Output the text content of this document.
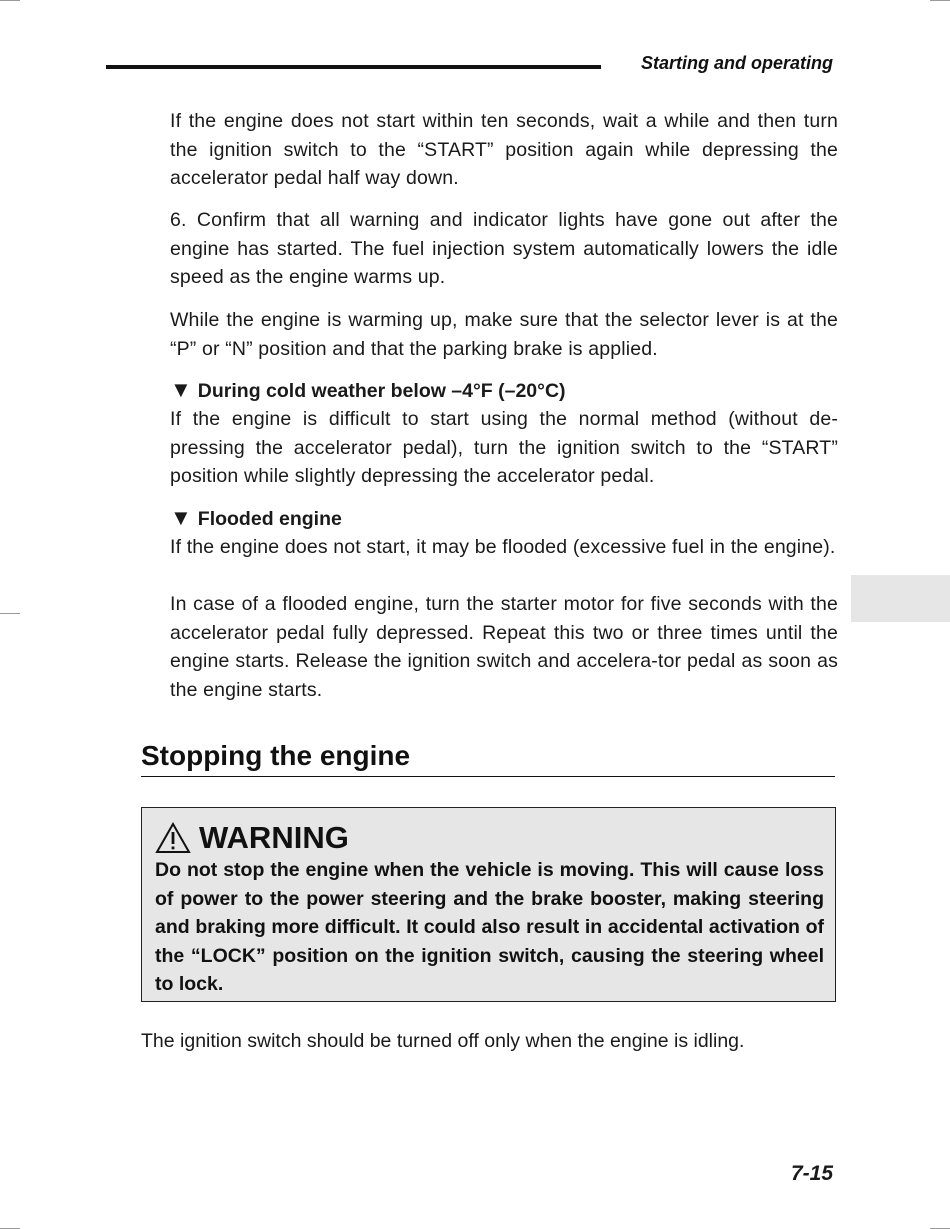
Starting and operating
If the engine does not start within ten seconds, wait a while and then turn the ignition switch to the “START” position again while depressing the accelerator pedal half way down.
6. Confirm that all warning and indicator lights have gone out after the engine has started. The fuel injection system automatically lowers the idle speed as the engine warms up.
While the engine is warming up, make sure that the selector lever is at the “P” or “N” position and that the parking brake is applied.
▼ During cold weather below –4°F (–20°C)
If the engine is difficult to start using the normal method (without de-pressing the accelerator pedal), turn the ignition switch to the “START” position while slightly depressing the accelerator pedal.
▼ Flooded engine
If the engine does not start, it may be flooded (excessive fuel in the engine).
In case of a flooded engine, turn the starter motor for five seconds with the accelerator pedal fully depressed. Repeat this two or three times until the engine starts. Release the ignition switch and accelera-tor pedal as soon as the engine starts.
Stopping the engine
WARNING
Do not stop the engine when the vehicle is moving. This will cause loss of power to the power steering and the brake booster, making steering and braking more difficult. It could also result in accidental activation of the “LOCK” position on the ignition switch, causing the steering wheel to lock.
The ignition switch should be turned off only when the engine is idling.
7-15
